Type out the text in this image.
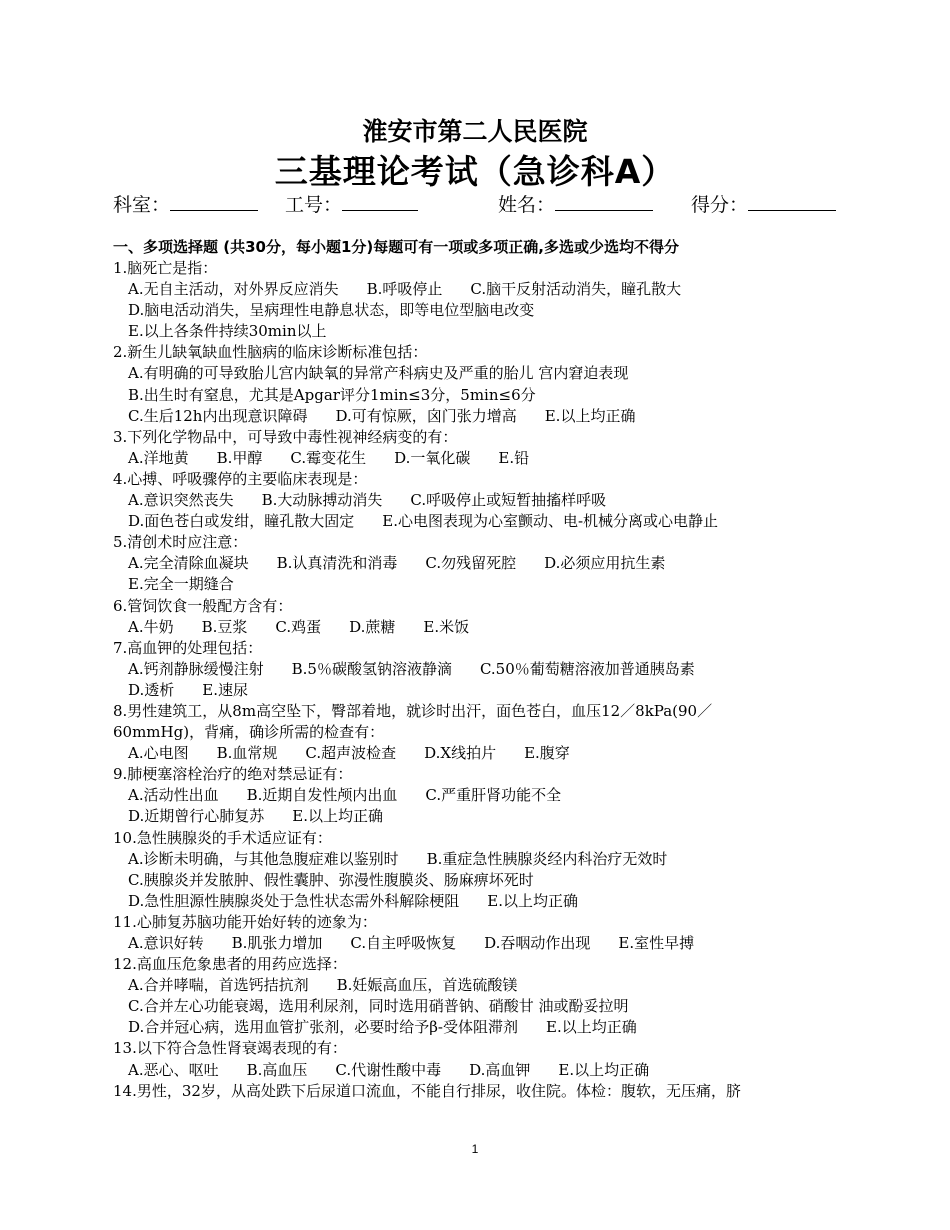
淮安市第二人民医院
三基理论考试（急诊科A）
科室：	工号：	姓名：	得分：
一、多项选择题 (共30分，每小题1分)每题可有一项或多项正确,多选或少选均不得分
1.脑死亡是指：
A.无自主活动，对外界反应消失 B.呼吸停止 C.脑干反射活动消失，瞳孔散大
D.脑电活动消失，呈病理性电静息状态，即等电位型脑电改变
E.以上各条件持续30min以上
2.新生儿缺氧缺血性脑病的临床诊断标准包括：
A.有明确的可导致胎儿宫内缺氧的异常产科病史及严重的胎儿 宫内窘迫表现
B.出生时有窒息，尤其是Apgar评分1min≤3分，5min≤6分
C.生后12h内出现意识障碍 D.可有惊厥，囟门张力增高 E.以上均正确
3.下列化学物品中，可导致中毒性视神经病变的有：
A.洋地黄 B.甲醇 C.霉变花生 D.一氧化碳 E.铅
4.心搏、呼吸骤停的主要临床表现是：
A.意识突然丧失 B.大动脉搏动消失 C.呼吸停止或短暂抽搐样呼吸
D.面色苍白或发绀，瞳孔散大固定 E.心电图表现为心室颤动、电-机械分离或心电静止
5.清创术时应注意：
A.完全清除血凝块 B.认真清洗和消毒 C.勿残留死腔 D.必须应用抗生素
E.完全一期缝合
6.管饲饮食一般配方含有：
A.牛奶 B.豆浆 C.鸡蛋 D.蔗糖 E.米饭
7.高血钾的处理包括：
A.钙剂静脉缓慢注射 B.5％碳酸氢钠溶液静滴 C.50％葡萄糖溶液加普通胰岛素
D.透析 E.速尿
8.男性建筑工，从8m高空坠下，臀部着地，就诊时出汗，面色苍白，血压12／8kPa(90／
60mmHg)，背痛，确诊所需的检查有：
A.心电图 B.血常规 C.超声波检查 D.X线拍片 E.腹穿
9.肺梗塞溶栓治疗的绝对禁忌证有：
A.活动性出血 B.近期自发性颅内出血 C.严重肝肾功能不全
D.近期曾行心肺复苏 E.以上均正确
10.急性胰腺炎的手术适应证有：
A.诊断未明确，与其他急腹症难以鉴别时 B.重症急性胰腺炎经内科治疗无效时
C.胰腺炎并发脓肿、假性囊肿、弥漫性腹膜炎、肠麻痹坏死时
D.急性胆源性胰腺炎处于急性状态需外科解除梗阻 E.以上均正确
11.心肺复苏脑功能开始好转的迹象为：
A.意识好转 B.肌张力增加 C.自主呼吸恢复 D.吞咽动作出现 E.室性早搏
12.高血压危象患者的用药应选择：
A.合并哮喘，首选钙拮抗剂 B.妊娠高血压，首选硫酸镁
C.合并左心功能衰竭，选用利尿剂，同时选用硝普钠、硝酸甘 油或酚妥拉明
D.合并冠心病，选用血管扩张剂，必要时给予β-受体阻滞剂 E.以上均正确
13.以下符合急性肾衰竭表现的有：
A.恶心、呕吐 B.高血压 C.代谢性酸中毒 D.高血钾 E.以上均正确
14.男性，32岁，从高处跌下后尿道口流血，不能自行排尿，收住院。体检：腹软，无压痛，脐
1
